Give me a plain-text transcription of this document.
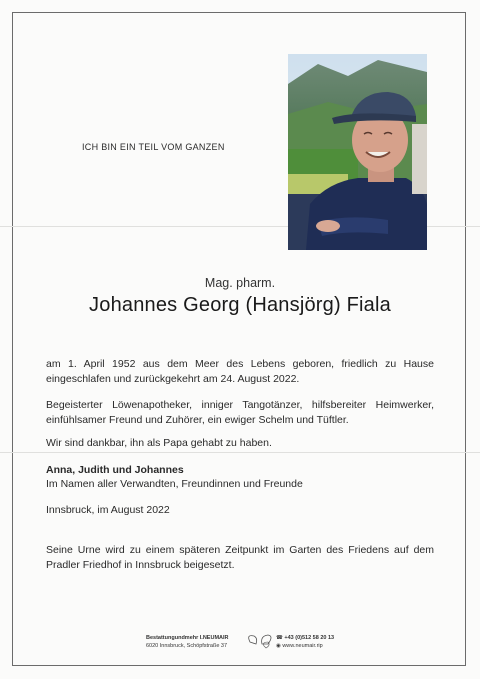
ICH BIN EIN TEIL VOM GANZEN
Mag. pharm.
Johannes Georg (Hansjörg) Fiala
am 1. April 1952 aus dem Meer des Lebens geboren, friedlich zu Hause eingeschlafen und zurückgekehrt am 24. August 2022.
Begeisterter Löwenapotheker, inniger Tangotänzer, hilfsbereiter Heimwerker, einfühlsamer Freund und Zuhörer, ein ewiger Schelm und Tüftler.
Wir sind dankbar, ihn als Papa gehabt zu haben.
Anna, Judith und Johannes
Im Namen aller Verwandten, Freundinnen und Freunde
Innsbruck, im August 2022
Seine Urne wird zu einem späteren Zeitpunkt im Garten des Friedens auf dem Pradler Friedhof in Innsbruck beigesetzt.
Bestattungundmehr I.NEUMAIR
6020 Innsbruck, Schöpfstraße 37
☎ +43 (0)512 58 20 13
◉ www.neumair.rip
